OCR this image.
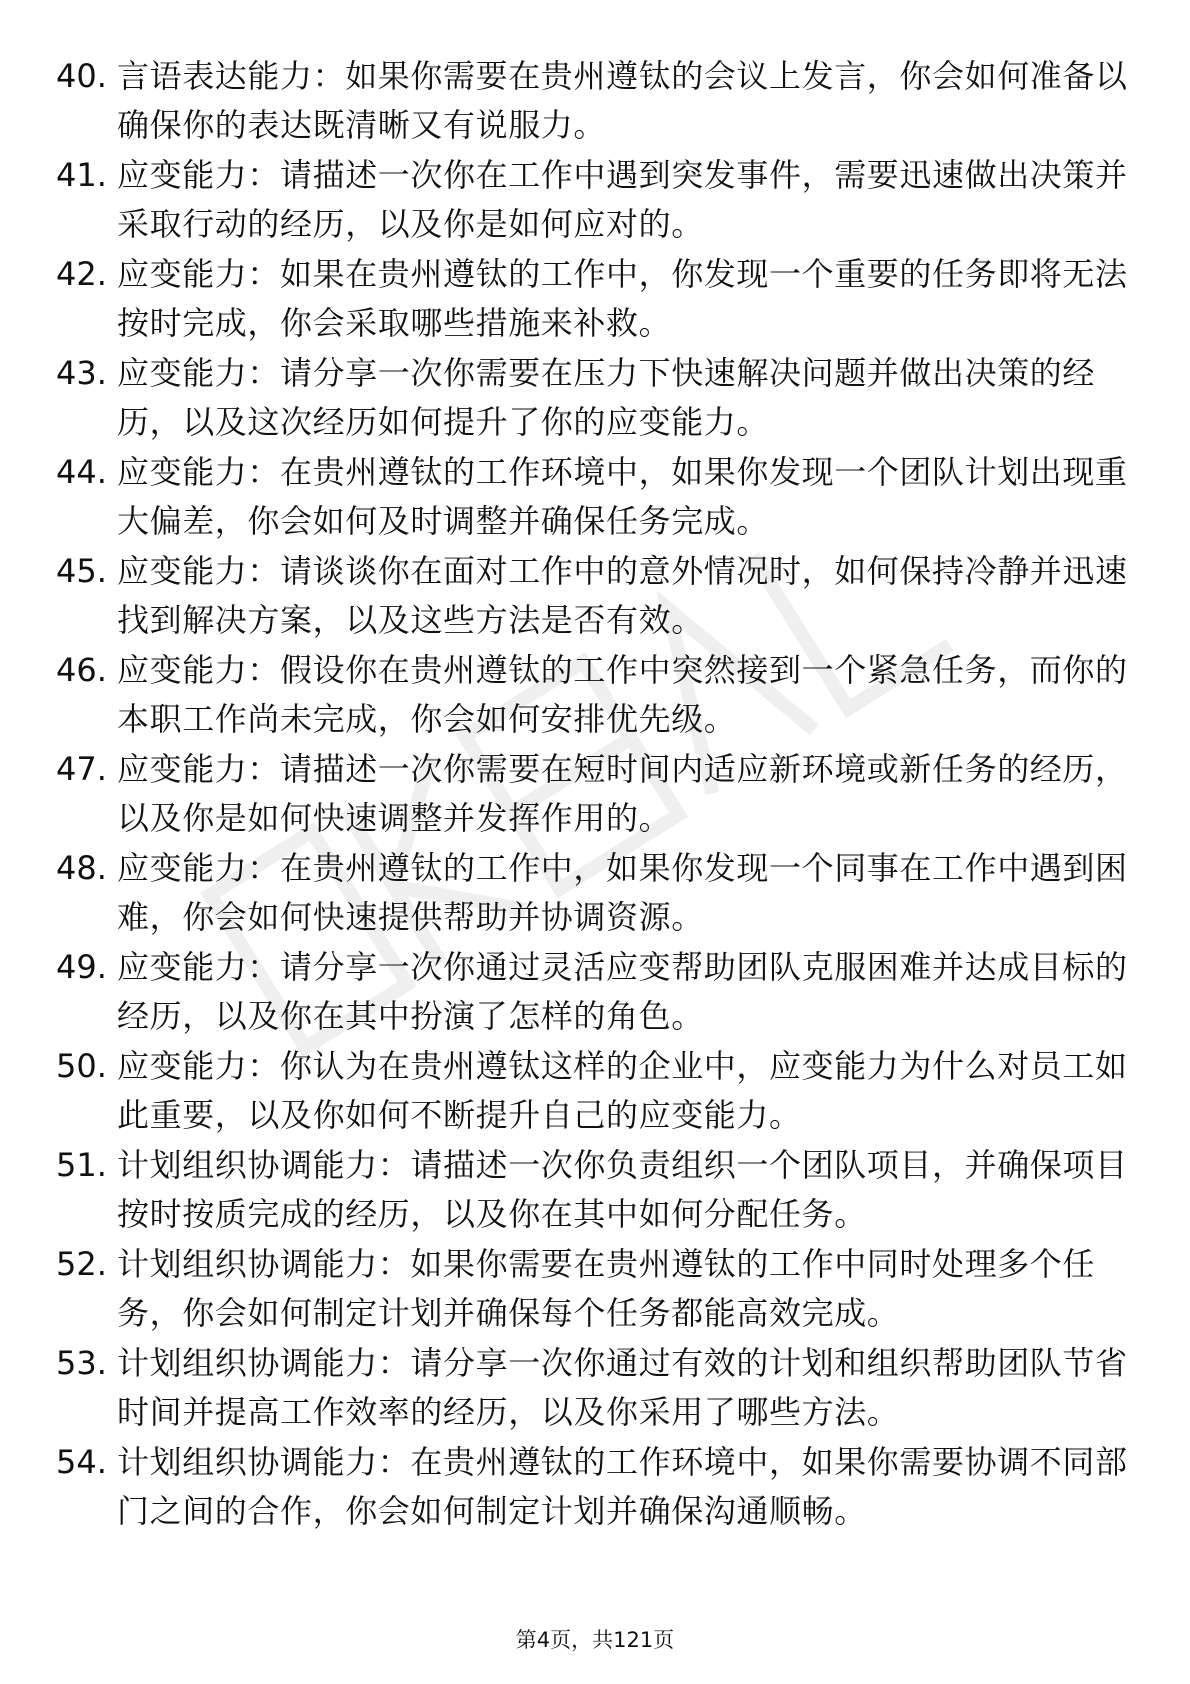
40. 言语表达能力：如果你需要在贵州遵钛的会议上发言，你会如何准备以确保你的表达既清晰又有说服力。
41. 应变能力：请描述一次你在工作中遇到突发事件，需要迅速做出决策并采取行动的经历，以及你是如何应对的。
42. 应变能力：如果在贵州遵钛的工作中，你发现一个重要的任务即将无法按时完成，你会采取哪些措施来补救。
43. 应变能力：请分享一次你需要在压力下快速解决问题并做出决策的经历，以及这次经历如何提升了你的应变能力。
44. 应变能力：在贵州遵钛的工作环境中，如果你发现一个团队计划出现重大偏差，你会如何及时调整并确保任务完成。
45. 应变能力：请谈谈你在面对工作中的意外情况时，如何保持冷静并迅速找到解决方案，以及这些方法是否有效。
46. 应变能力：假设你在贵州遵钛的工作中突然接到一个紧急任务，而你的本职工作尚未完成，你会如何安排优先级。
47. 应变能力：请描述一次你需要在短时间内适应新环境或新任务的经历，以及你是如何快速调整并发挥作用的。
48. 应变能力：在贵州遵钛的工作中，如果你发现一个同事在工作中遇到困难，你会如何快速提供帮助并协调资源。
49. 应变能力：请分享一次你通过灵活应变帮助团队克服困难并达成目标的经历，以及你在其中扮演了怎样的角色。
50. 应变能力：你认为在贵州遵钛这样的企业中，应变能力为什么对员工如此重要，以及你如何不断提升自己的应变能力。
51. 计划组织协调能力：请描述一次你负责组织一个团队项目，并确保项目按时按质完成的经历，以及你在其中如何分配任务。
52. 计划组织协调能力：如果你需要在贵州遵钛的工作中同时处理多个任务，你会如何制定计划并确保每个任务都能高效完成。
53. 计划组织协调能力：请分享一次你通过有效的计划和组织帮助团队节省时间并提高工作效率的经历，以及你采用了哪些方法。
54. 计划组织协调能力：在贵州遵钛的工作环境中，如果你需要协调不同部门之间的合作，你会如何制定计划并确保沟通顺畅。
第4页，共121页
